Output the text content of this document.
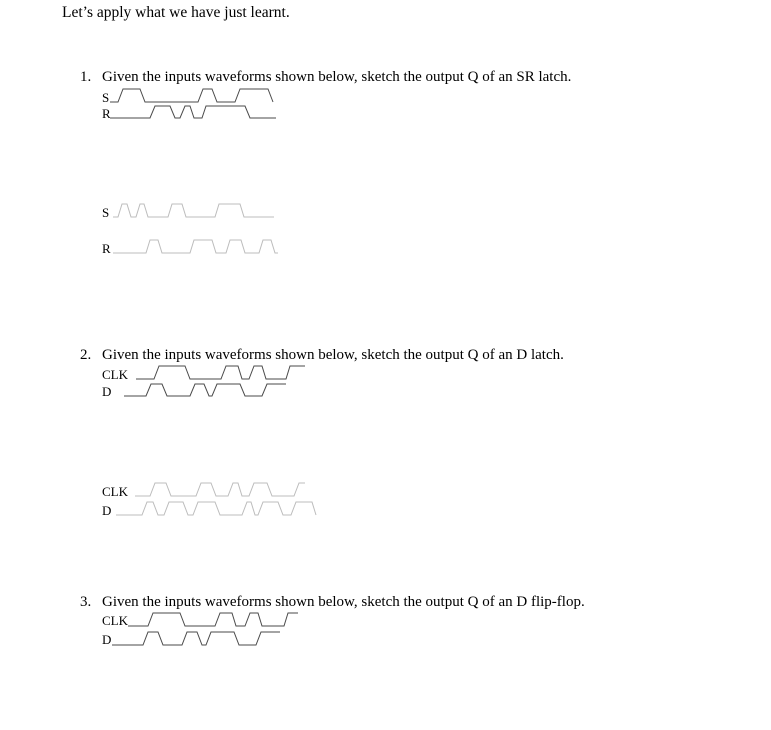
Let’s apply what we have just learnt.
1. Given the inputs waveforms shown below, sketch the output Q of an SR latch.
S
R
S
R
2. Given the inputs waveforms shown below, sketch the output Q of an D latch.
CLK
D
CLK
D
3. Given the inputs waveforms shown below, sketch the output Q of an D flip-flop.
CLK
D
